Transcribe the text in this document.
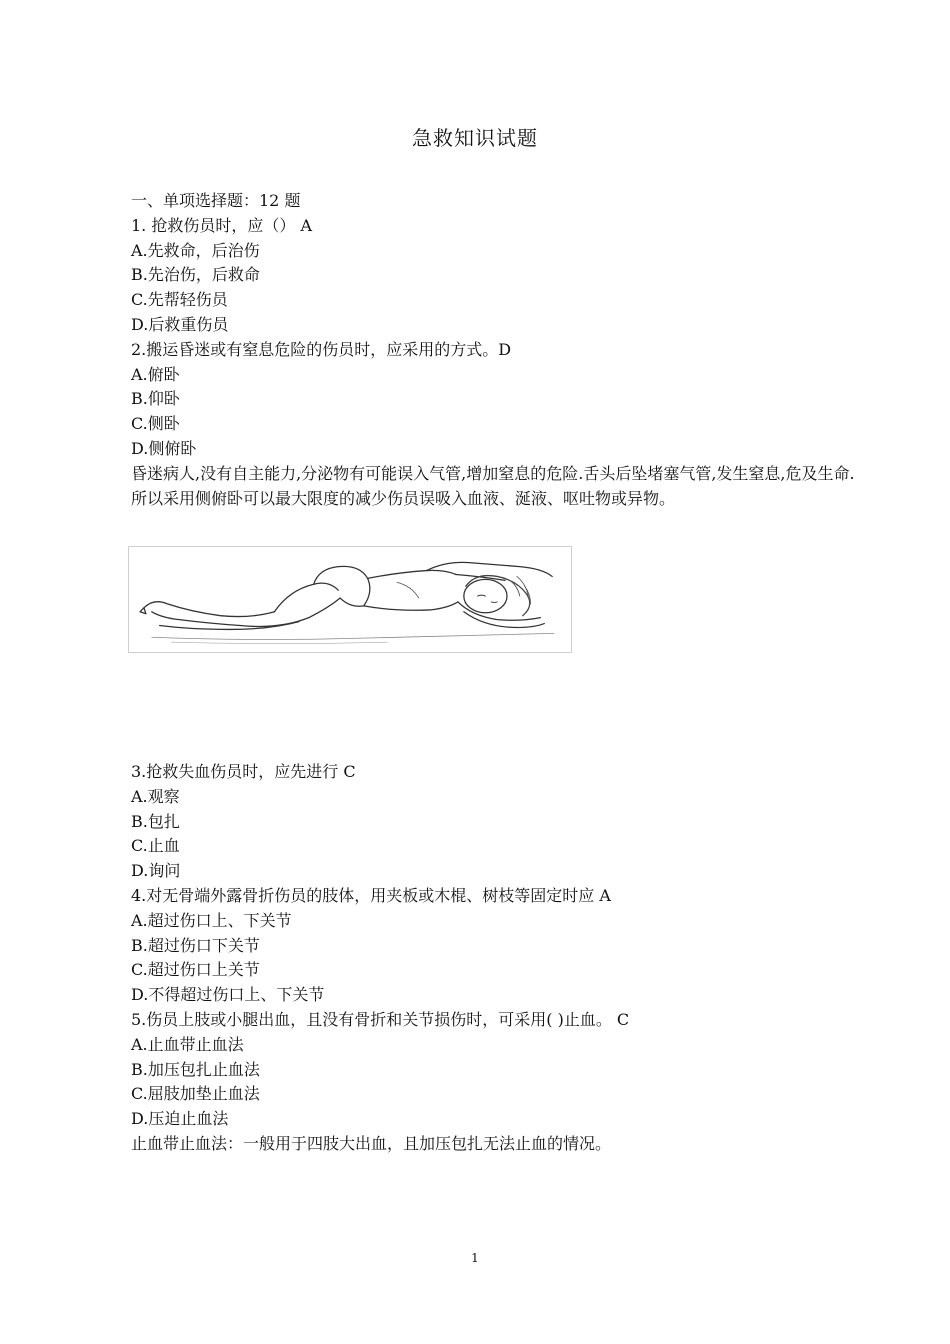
急救知识试题
一、单项选择题：12 题
1. 抢救伤员时，应（） A
A.先救命，后治伤
B.先治伤，后救命
C.先帮轻伤员
D.后救重伤员
2.搬运昏迷或有窒息危险的伤员时，应采用的方式。D
A.俯卧
B.仰卧
C.侧卧
D.侧俯卧
昏迷病人,没有自主能力,分泌物有可能误入气管,增加窒息的危险.舌头后坠堵塞气管,发生窒息,危及生命.所以采用侧俯卧可以最大限度的减少伤员误吸入血液、涎液、呕吐物或异物。
3.抢救失血伤员时，应先进行 C
A.观察
B.包扎
C.止血
D.询问
4.对无骨端外露骨折伤员的肢体，用夹板或木棍、树枝等固定时应 A
A.超过伤口上、下关节
B.超过伤口下关节
C.超过伤口上关节
D.不得超过伤口上、下关节
5.伤员上肢或小腿出血，且没有骨折和关节损伤时，可采用( )止血。 C
A.止血带止血法
B.加压包扎止血法
C.屈肢加垫止血法
D.压迫止血法
止血带止血法：一般用于四肢大出血，且加压包扎无法止血的情况。
1
